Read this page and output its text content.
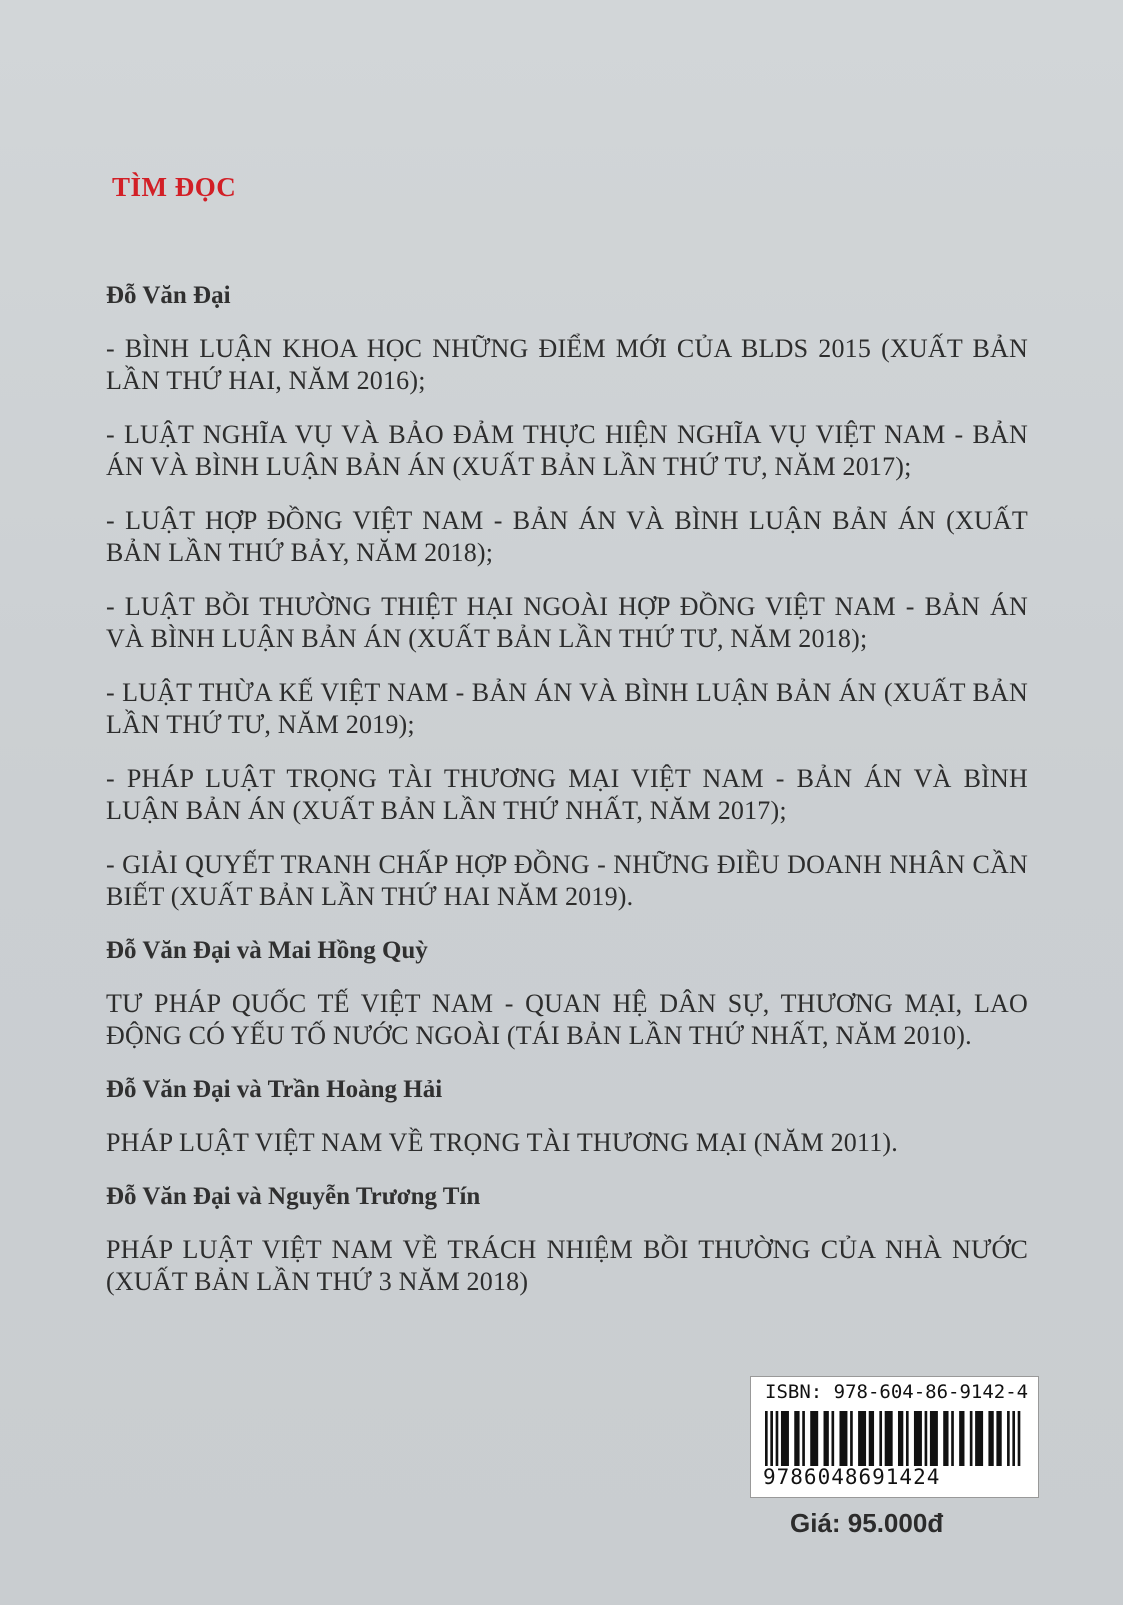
TÌM ĐỌC
Đỗ Văn Đại
- BÌNH LUẬN KHOA HỌC NHỮNG ĐIỂM MỚI CỦA BLDS 2015 (XUẤT BẢN LẦN THỨ HAI, NĂM 2016);
- LUẬT NGHĨA VỤ VÀ BẢO ĐẢM THỰC HIỆN NGHĨA VỤ VIỆT NAM - BẢN ÁN VÀ BÌNH LUẬN BẢN ÁN (XUẤT BẢN LẦN THỨ TƯ, NĂM 2017);
- LUẬT HỢP ĐỒNG VIỆT NAM - BẢN ÁN VÀ BÌNH LUẬN BẢN ÁN (XUẤT BẢN LẦN THỨ BẢY, NĂM 2018);
- LUẬT BỒI THƯỜNG THIỆT HẠI NGOÀI HỢP ĐỒNG VIỆT NAM - BẢN ÁN VÀ BÌNH LUẬN BẢN ÁN (XUẤT BẢN LẦN THỨ TƯ, NĂM 2018);
- LUẬT THỪA KẾ VIỆT NAM - BẢN ÁN VÀ BÌNH LUẬN BẢN ÁN (XUẤT BẢN LẦN THỨ TƯ, NĂM 2019);
- PHÁP LUẬT TRỌNG TÀI THƯƠNG MẠI VIỆT NAM - BẢN ÁN VÀ BÌNH LUẬN BẢN ÁN (XUẤT BẢN LẦN THỨ NHẤT, NĂM 2017);
- GIẢI QUYẾT TRANH CHẤP HỢP ĐỒNG - NHỮNG ĐIỀU DOANH NHÂN CẦN BIẾT (XUẤT BẢN LẦN THỨ HAI NĂM 2019).
Đỗ Văn Đại và Mai Hồng Quỳ
TƯ PHÁP QUỐC TẾ VIỆT NAM - QUAN HỆ DÂN SỰ, THƯƠNG MẠI, LAO ĐỘNG CÓ YẾU TỐ NƯỚC NGOÀI (TÁI BẢN LẦN THỨ NHẤT, NĂM 2010).
Đỗ Văn Đại và Trần Hoàng Hải
PHÁP LUẬT VIỆT NAM VỀ TRỌNG TÀI THƯƠNG MẠI (NĂM 2011).
Đỗ Văn Đại và Nguyễn Trương Tín
PHÁP LUẬT VIỆT NAM VỀ TRÁCH NHIỆM BỒI THƯỜNG CỦA NHÀ NƯỚC (XUẤT BẢN LẦN THỨ 3 NĂM 2018)
ISBN: 978-604-86-9142-4
9786048691424
Giá: 95.000đ
